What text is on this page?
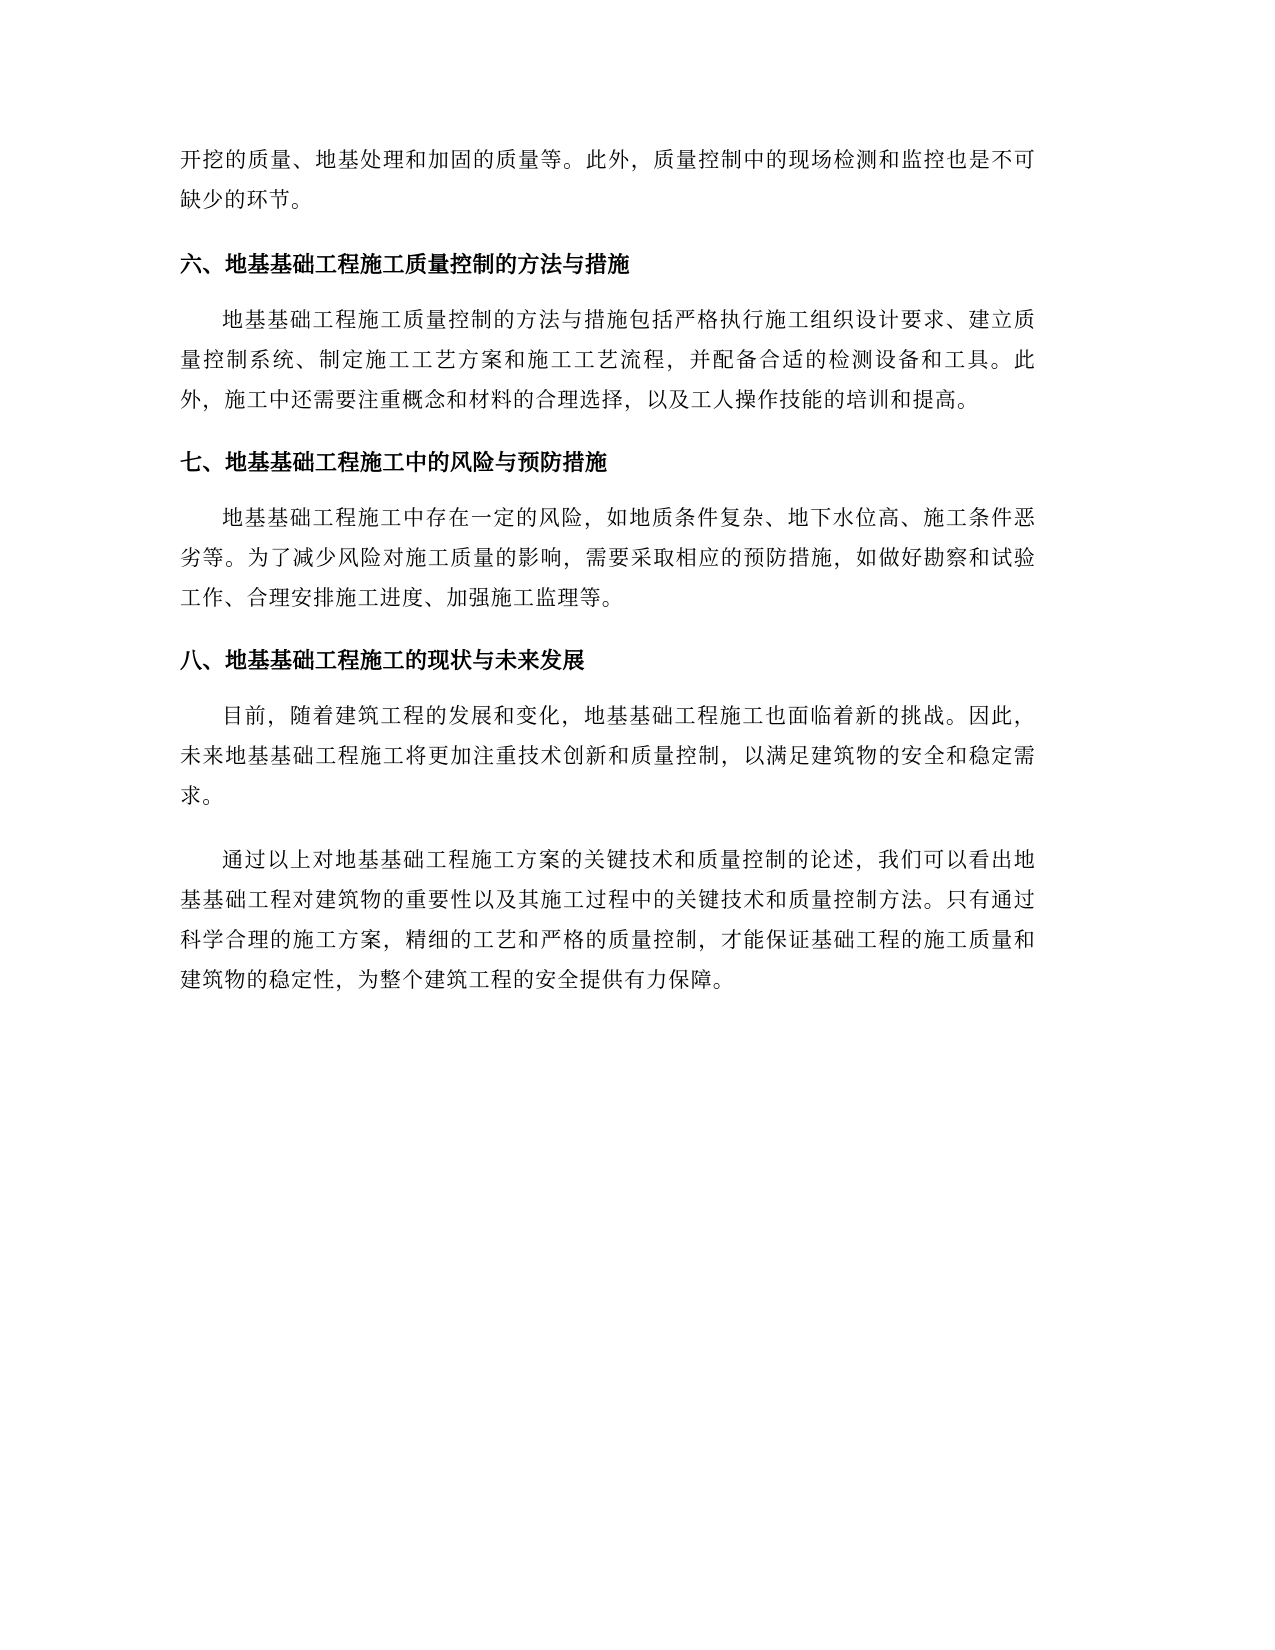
开挖的质量、地基处理和加固的质量等。此外，质量控制中的现场检测和监控也是不可缺少的环节。

六、地基基础工程施工质量控制的方法与措施

地基基础工程施工质量控制的方法与措施包括严格执行施工组织设计要求、建立质量控制系统、制定施工工艺方案和施工工艺流程，并配备合适的检测设备和工具。此外，施工中还需要注重概念和材料的合理选择，以及工人操作技能的培训和提高。

七、地基基础工程施工中的风险与预防措施

地基基础工程施工中存在一定的风险，如地质条件复杂、地下水位高、施工条件恶劣等。为了减少风险对施工质量的影响，需要采取相应的预防措施，如做好勘察和试验工作、合理安排施工进度、加强施工监理等。

八、地基基础工程施工的现状与未来发展

目前，随着建筑工程的发展和变化，地基基础工程施工也面临着新的挑战。因此，未来地基基础工程施工将更加注重技术创新和质量控制，以满足建筑物的安全和稳定需求。

通过以上对地基基础工程施工方案的关键技术和质量控制的论述，我们可以看出地基基础工程对建筑物的重要性以及其施工过程中的关键技术和质量控制方法。只有通过科学合理的施工方案，精细的工艺和严格的质量控制，才能保证基础工程的施工质量和建筑物的稳定性，为整个建筑工程的安全提供有力保障。
